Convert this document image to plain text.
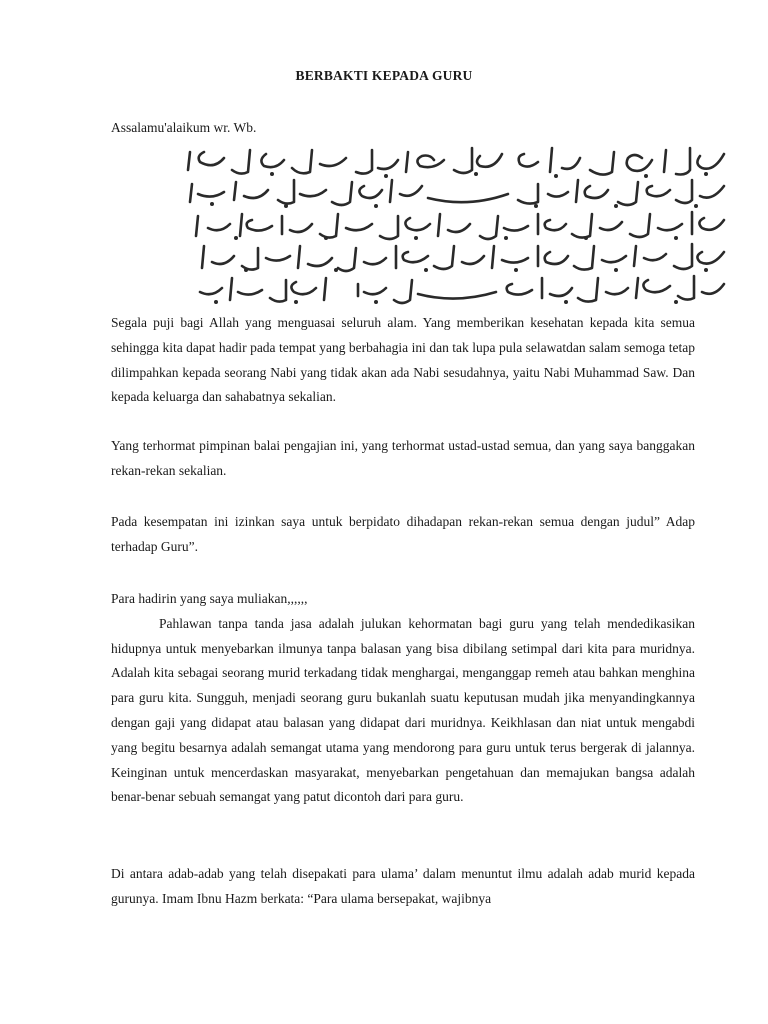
BERBAKTI KEPADA GURU
Assalamu'alaikum wr. Wb.

Segala puji bagi Allah yang menguasai seluruh alam. Yang memberikan kesehatan kepada kita semua sehingga kita dapat hadir pada tempat yang berbahagia ini dan tak lupa pula selawatdan salam semoga tetap dilimpahkan kepada seorang Nabi yang tidak akan ada Nabi sesudahnya, yaitu Nabi Muhammad Saw. Dan kepada keluarga dan sahabatnya sekalian.

Yang terhormat pimpinan balai pengajian ini, yang terhormat ustad-ustad semua, dan yang saya banggakan rekan-rekan sekalian.

Pada kesempatan ini izinkan saya untuk berpidato dihadapan rekan-rekan semua dengan judul” Adap terhadap Guru”.

Para hadirin yang saya muliakan,,,,,,

Pahlawan tanpa tanda jasa adalah julukan kehormatan bagi guru yang telah mendedikasikan hidupnya untuk menyebarkan ilmunya tanpa balasan yang bisa dibilang setimpal dari kita para muridnya. Adalah kita sebagai seorang murid terkadang tidak menghargai, menganggap remeh atau bahkan menghina para guru kita. Sungguh, menjadi seorang guru bukanlah suatu keputusan mudah jika menyandingkannya dengan gaji yang didapat atau balasan yang didapat dari muridnya. Keikhlasan dan niat untuk mengabdi yang begitu besarnya adalah semangat utama yang mendorong para guru untuk terus bergerak di jalannya. Keinginan untuk mencerdaskan masyarakat, menyebarkan pengetahuan dan memajukan bangsa adalah benar-benar sebuah semangat yang patut dicontoh dari para guru.

Di antara adab-adab yang telah disepakati para ulama’ dalam menuntut ilmu adalah adab murid kepada gurunya. Imam Ibnu Hazm berkata: “Para ulama bersepakat, wajibnya
